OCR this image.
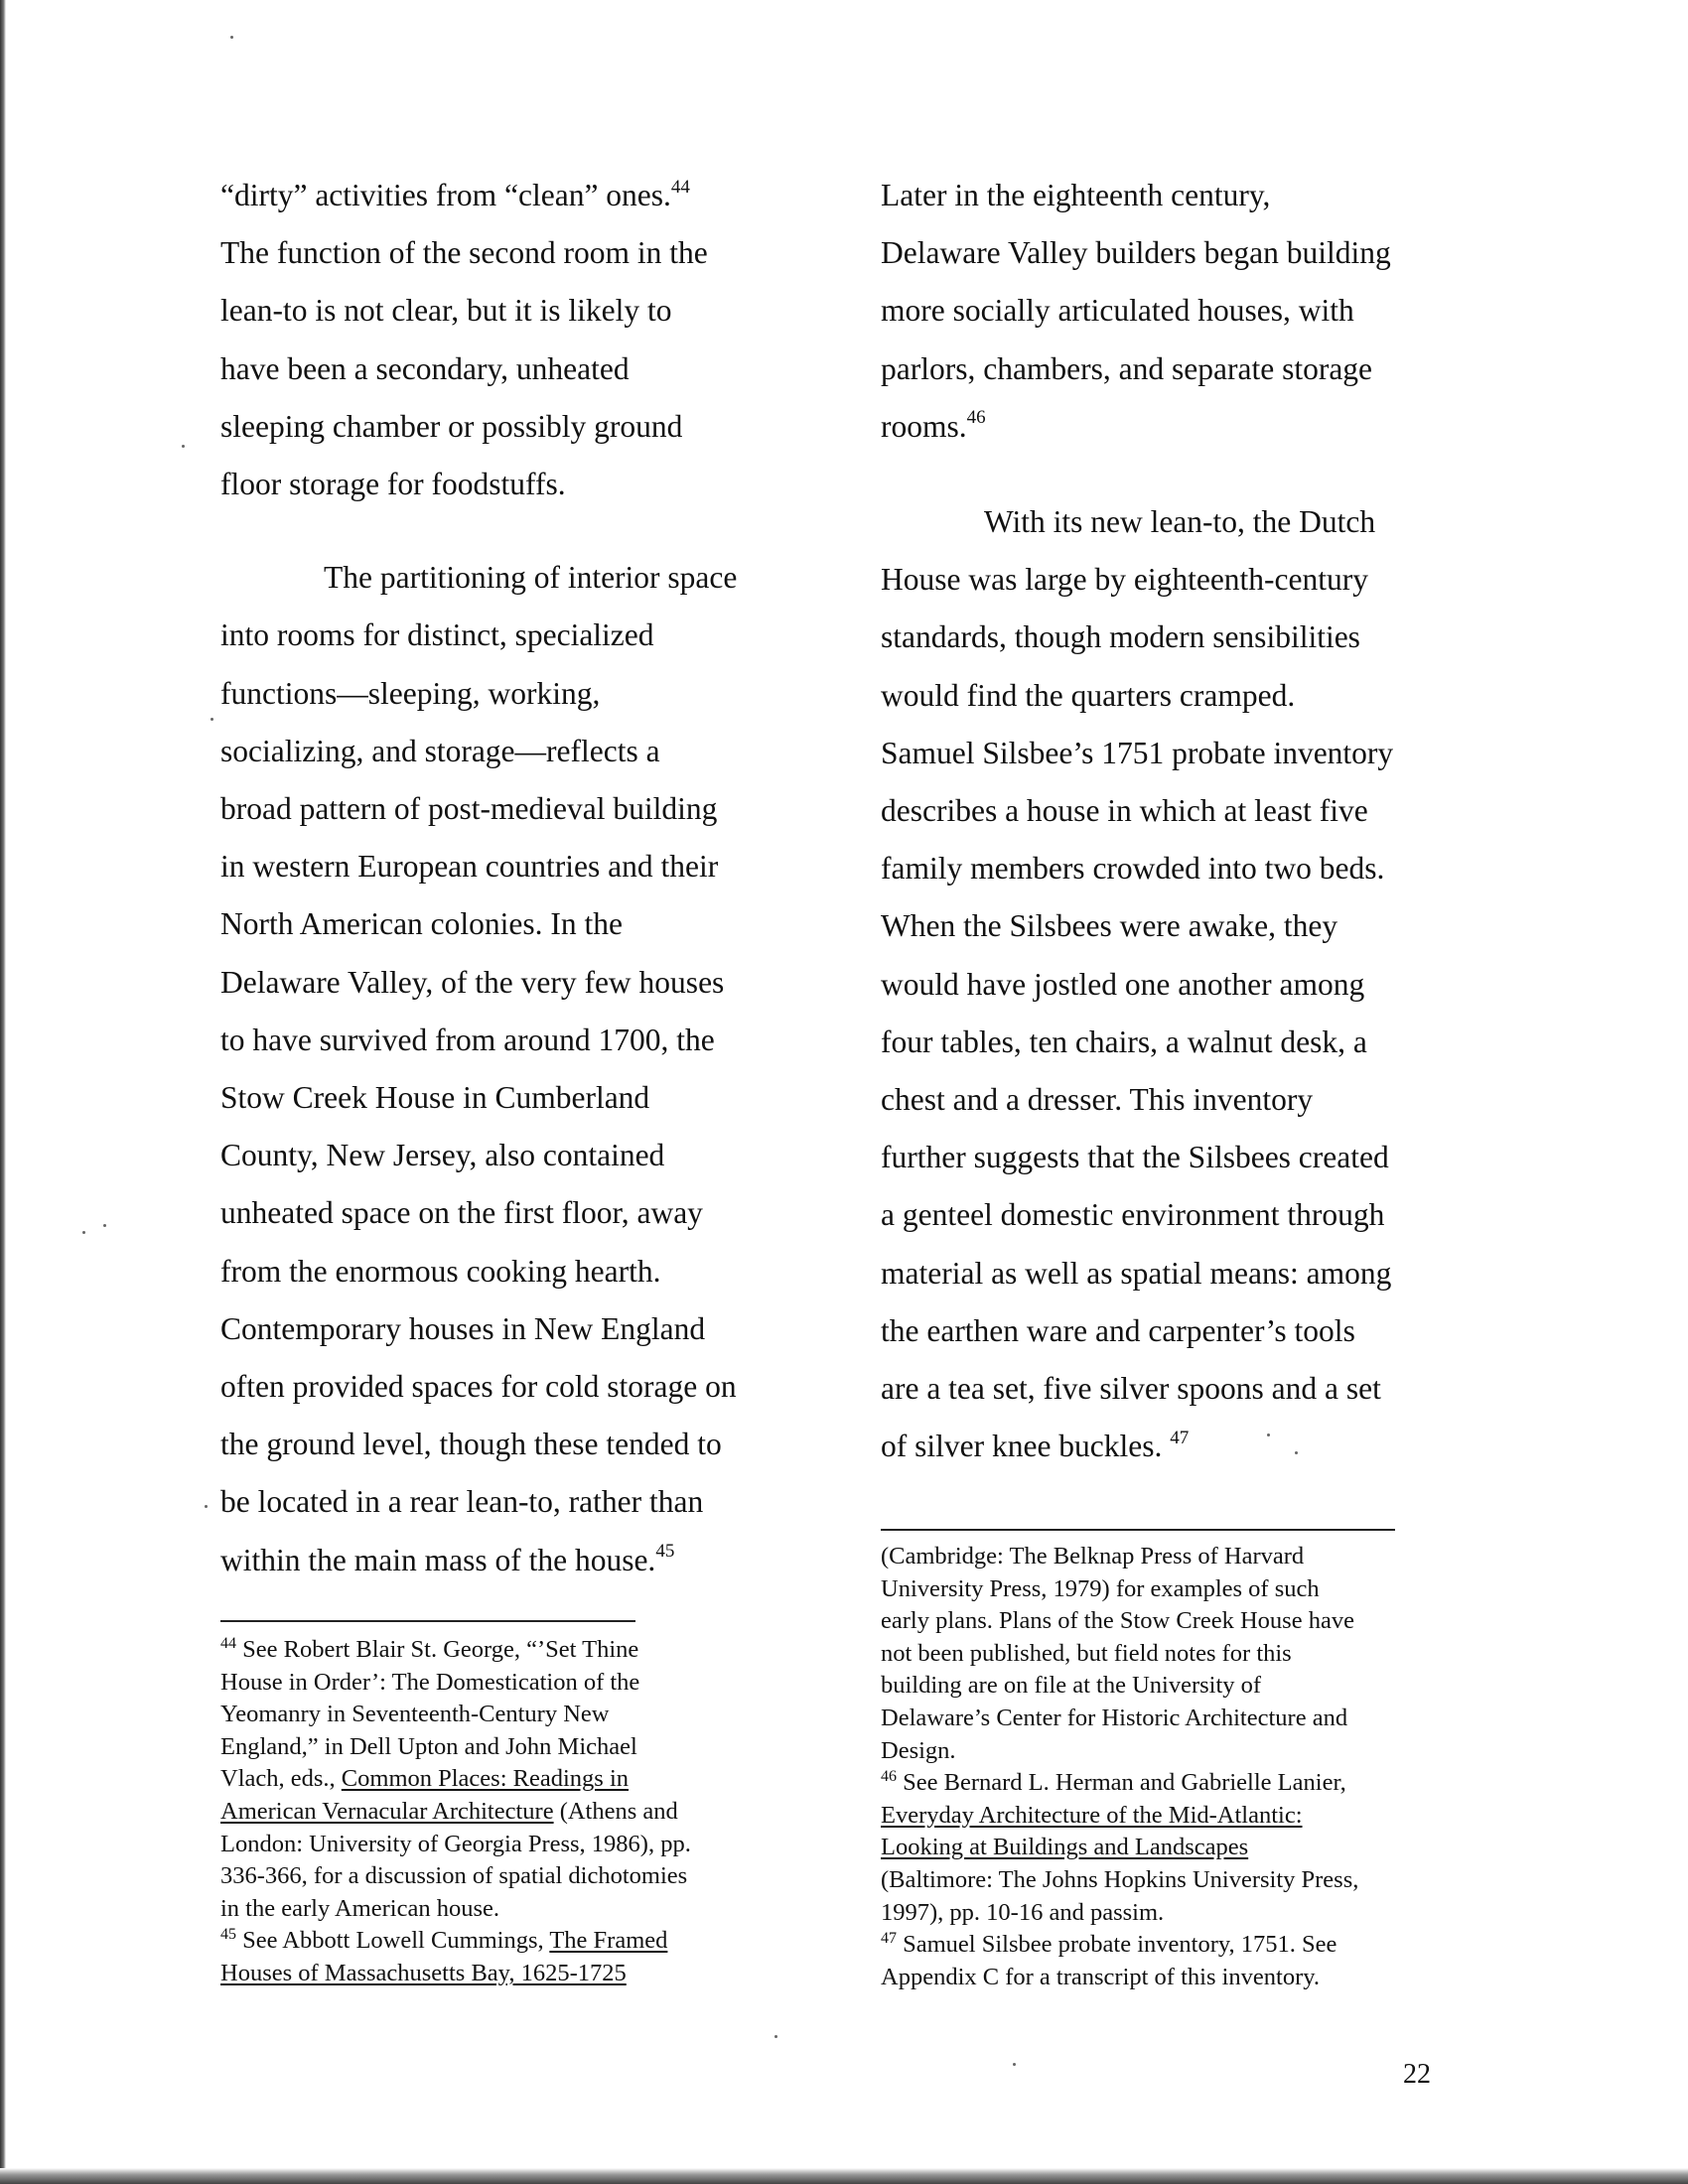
“dirty” activities from “clean” ones.$^{44}$
The function of the second room in the
lean-to is not clear, but it is likely to
have been a secondary, unheated
sleeping chamber or possibly ground
floor storage for foodstuffs.
The partitioning of interior space
into rooms for distinct, specialized
functions—sleeping, working,
socializing, and storage—reflects a
broad pattern of post-medieval building
in western European countries and their
North American colonies. In the
Delaware Valley, of the very few houses
to have survived from around 1700, the
Stow Creek House in Cumberland
County, New Jersey, also contained
unheated space on the first floor, away
from the enormous cooking hearth.
Contemporary houses in New England
often provided spaces for cold storage on
the ground level, though these tended to
be located in a rear lean-to, rather than
within the main mass of the house.$^{45}$
Later in the eighteenth century,
Delaware Valley builders began building
more socially articulated houses, with
parlors, chambers, and separate storage
rooms.$^{46}$
With its new lean-to, the Dutch
House was large by eighteenth-century
standards, though modern sensibilities
would find the quarters cramped.
Samuel Silsbee’s 1751 probate inventory
describes a house in which at least five
family members crowded into two beds.
When the Silsbees were awake, they
would have jostled one another among
four tables, ten chairs, a walnut desk, a
chest and a dresser. This inventory
further suggests that the Silsbees created
a genteel domestic environment through
material as well as spatial means: among
the earthen ware and carpenter’s tools
are a tea set, five silver spoons and a set
of silver knee buckles. $^{47}$
$^{44}$ See Robert Blair St. George, “’Set Thine
House in Order’: The Domestication of the
Yeomanry in Seventeenth-Century New
England,” in Dell Upton and John Michael
Vlach, eds., Common Places: Readings in
American Vernacular Architecture (Athens and
London: University of Georgia Press, 1986), pp.
336-366, for a discussion of spatial dichotomies
in the early American house.
$^{45}$ See Abbott Lowell Cummings, The Framed
Houses of Massachusetts Bay, 1625-1725
(Cambridge: The Belknap Press of Harvard
University Press, 1979) for examples of such
early plans. Plans of the Stow Creek House have
not been published, but field notes for this
building are on file at the University of
Delaware’s Center for Historic Architecture and
Design.
$^{46}$ See Bernard L. Herman and Gabrielle Lanier,
Everyday Architecture of the Mid-Atlantic:
Looking at Buildings and Landscapes
(Baltimore: The Johns Hopkins University Press,
1997), pp. 10-16 and passim.
$^{47}$ Samuel Silsbee probate inventory, 1751. See
Appendix C for a transcript of this inventory.
22
